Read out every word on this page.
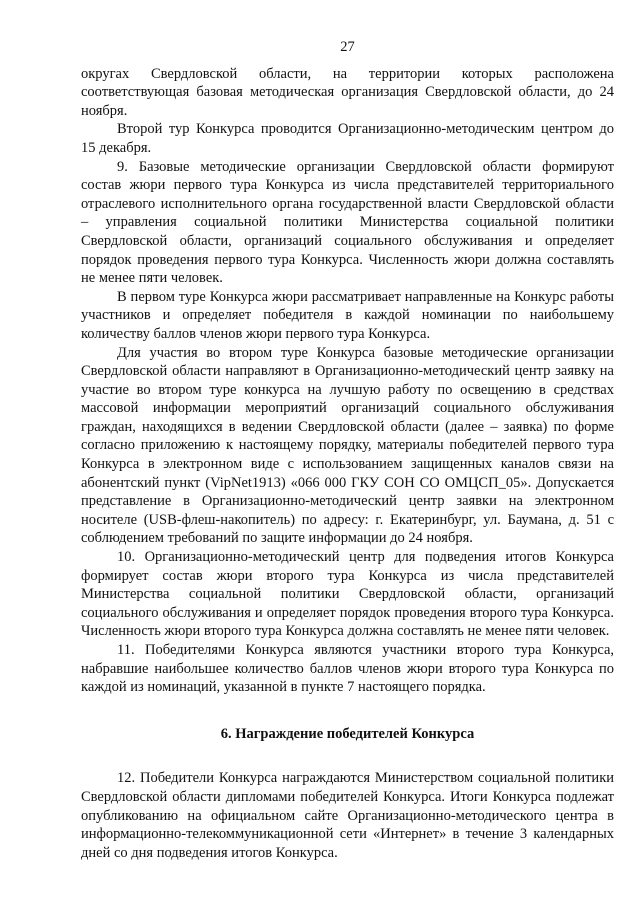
27

округах Свердловской области, на территории которых расположена соответствующая базовая методическая организация Свердловской области, до 24 ноября.

Второй тур Конкурса проводится Организационно-методическим центром до 15 декабря.

9. Базовые методические организации Свердловской области формируют состав жюри первого тура Конкурса из числа представителей территориального отраслевого исполнительного органа государственной власти Свердловской области – управления социальной политики Министерства социальной политики Свердловской области, организаций социального обслуживания и определяет порядок проведения первого тура Конкурса. Численность жюри должна составлять не менее пяти человек.

В первом туре Конкурса жюри рассматривает направленные на Конкурс работы участников и определяет победителя в каждой номинации по наибольшему количеству баллов членов жюри первого тура Конкурса.

Для участия во втором туре Конкурса базовые методические организации Свердловской области направляют в Организационно-методический центр заявку на участие во втором туре конкурса на лучшую работу по освещению в средствах массовой информации мероприятий организаций социального обслуживания граждан, находящихся в ведении Свердловской области (далее – заявка) по форме согласно приложению к настоящему порядку, материалы победителей первого тура Конкурса в электронном виде с использованием защищенных каналов связи на абонентский пункт (VipNet1913) «066 000 ГКУ СОН СО ОМЦСП_05». Допускается представление в Организационно-методический центр заявки на электронном носителе (USB-флеш-накопитель) по адресу: г. Екатеринбург, ул. Баумана, д. 51 с соблюдением требований по защите информации до 24 ноября.

10. Организационно-методический центр для подведения итогов Конкурса формирует состав жюри второго тура Конкурса из числа представителей Министерства социальной политики Свердловской области, организаций социального обслуживания и определяет порядок проведения второго тура Конкурса. Численность жюри второго тура Конкурса должна составлять не менее пяти человек.

11. Победителями Конкурса являются участники второго тура Конкурса, набравшие наибольшее количество баллов членов жюри второго тура Конкурса по каждой из номинаций, указанной в пункте 7 настоящего порядка.

6. Награждение победителей Конкурса

12. Победители Конкурса награждаются Министерством социальной политики Свердловской области дипломами победителей Конкурса. Итоги Конкурса подлежат опубликованию на официальном сайте Организационно-методического центра в информационно-телекоммуникационной сети «Интернет» в течение 3 календарных дней со дня подведения итогов Конкурса.
